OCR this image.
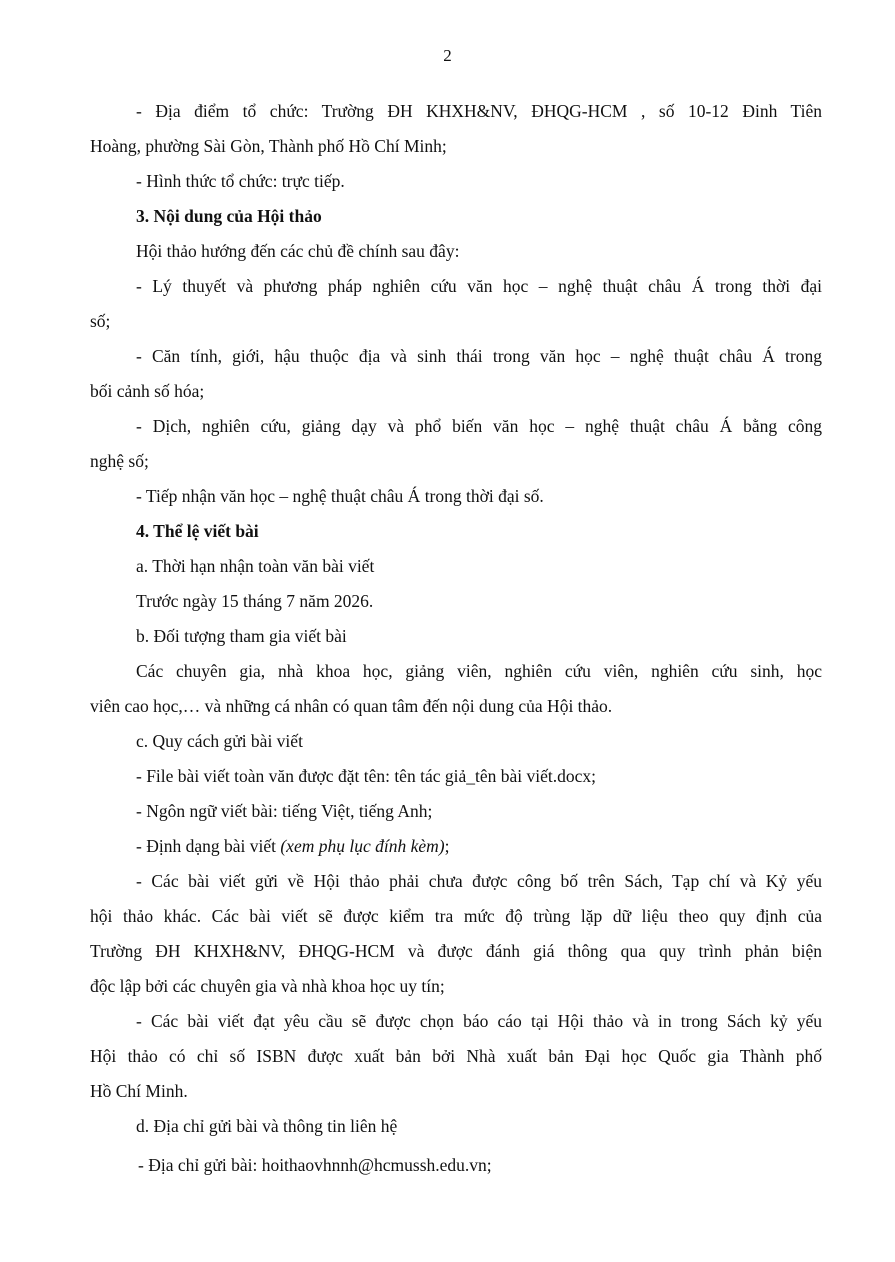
2
- Địa điểm tổ chức: Trường ĐH KHXH&NV, ĐHQG-HCM , số 10-12 Đinh Tiên
Hoàng, phường Sài Gòn, Thành phố Hồ Chí Minh;
- Hình thức tổ chức: trực tiếp.
3. Nội dung của Hội thảo
Hội thảo hướng đến các chủ đề chính sau đây:
- Lý thuyết và phương pháp nghiên cứu văn học – nghệ thuật châu Á trong thời đại
số;
- Căn tính, giới, hậu thuộc địa và sinh thái trong văn học – nghệ thuật châu Á trong
bối cảnh số hóa;
- Dịch, nghiên cứu, giảng dạy và phổ biến văn học – nghệ thuật châu Á bằng công
nghệ số;
- Tiếp nhận văn học – nghệ thuật châu Á trong thời đại số.
4. Thể lệ viết bài
a. Thời hạn nhận toàn văn bài viết
Trước ngày 15 tháng 7 năm 2026.
b. Đối tượng tham gia viết bài
Các chuyên gia, nhà khoa học, giảng viên, nghiên cứu viên, nghiên cứu sinh, học
viên cao học,… và những cá nhân có quan tâm đến nội dung của Hội thảo.
c. Quy cách gửi bài viết
- File bài viết toàn văn được đặt tên: tên tác giả_tên bài viết.docx;
- Ngôn ngữ viết bài: tiếng Việt, tiếng Anh;
- Định dạng bài viết (xem phụ lục đính kèm);
- Các bài viết gửi về Hội thảo phải chưa được công bố trên Sách, Tạp chí và Kỷ yếu
hội thảo khác. Các bài viết sẽ được kiểm tra mức độ trùng lặp dữ liệu theo quy định của
Trường ĐH KHXH&NV, ĐHQG-HCM và được đánh giá thông qua quy trình phản biện
độc lập bởi các chuyên gia và nhà khoa học uy tín;
- Các bài viết đạt yêu cầu sẽ được chọn báo cáo tại Hội thảo và in trong Sách kỷ yếu
Hội thảo có chỉ số ISBN được xuất bản bởi Nhà xuất bản Đại học Quốc gia Thành phố
Hồ Chí Minh.
d. Địa chỉ gửi bài và thông tin liên hệ
- Địa chỉ gửi bài: hoithaovhnnh@hcmussh.edu.vn;
